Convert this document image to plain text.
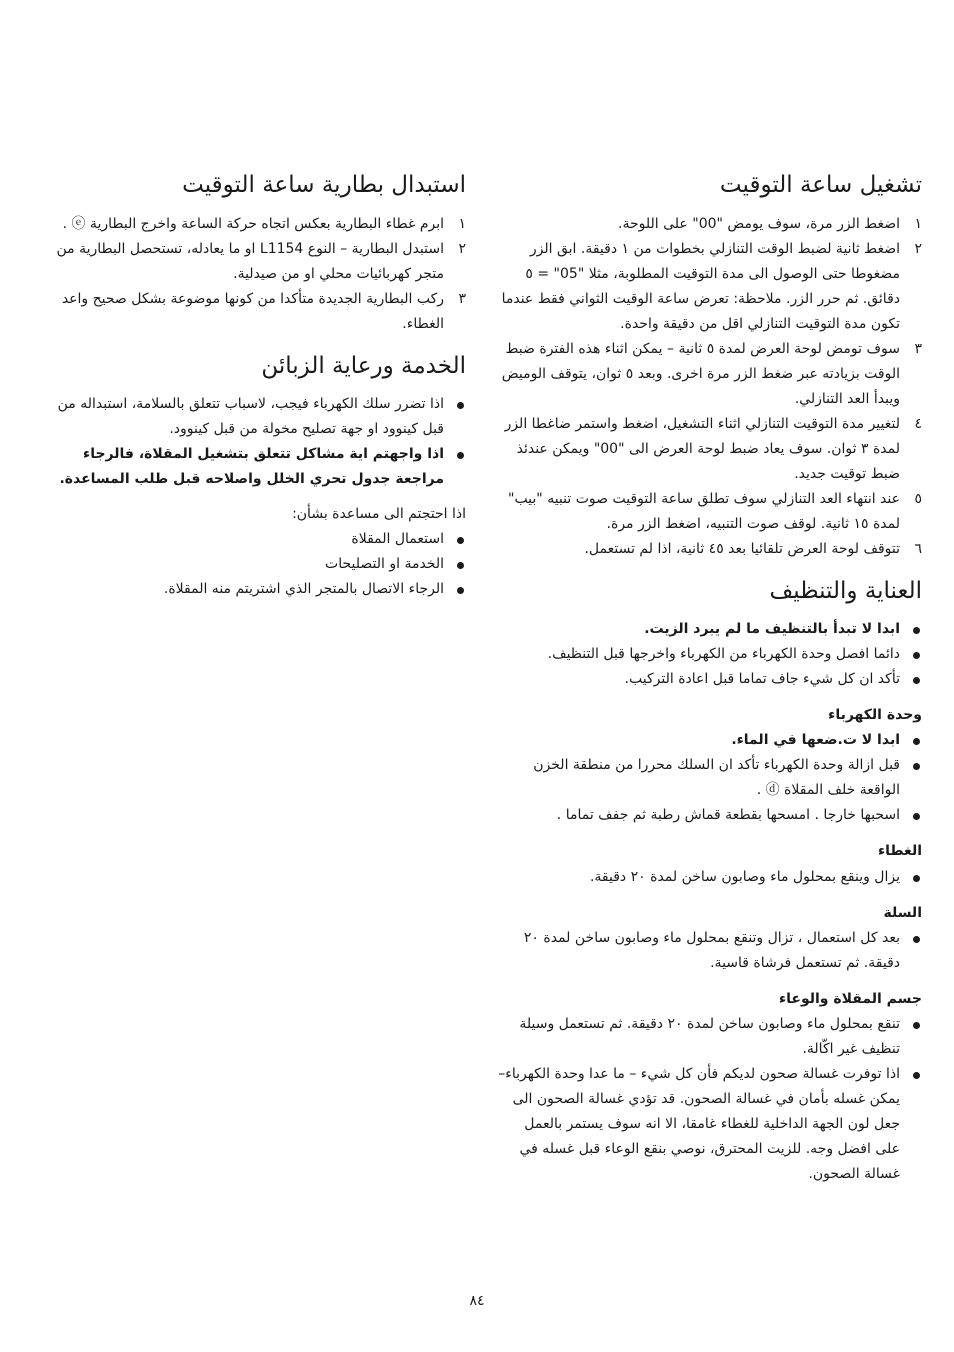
تشغيل ساعة التوقيت
١
اضغط الزر مرة، سوف يومض "00" على اللوحة.
٢
اضغط ثانية لضبط الوقت التنازلي بخطوات من ١ دقيقة. ابق الزر مضغوطا حتى الوصول الى مدة التوقيت المطلوبة، مثلا "05" = ٥ دقائق. ثم حرر الزر. ملاحظة: تعرض ساعة الوقيت الثواني فقط عندما تكون مدة التوقيت التنازلي اقل من دقيقة واحدة.
٣
سوف تومض لوحة العرض لمدة ٥ ثانية – يمكن اثناء هذه الفترة ضبط الوقت بزيادته عبر ضغط الزر مرة اخرى. وبعد ٥ ثوان، يتوقف الوميض ويبدأ العد التنازلي.
٤
لتغيير مدة التوقيت التنازلي اثناء التشغيل، اضغط واستمر ضاغطا الزر لمدة ٣ ثوان. سوف يعاد ضبط لوحة العرض الى "00" ويمكن عندئذ ضبط توقيت جديد.
٥
عند انتهاء العد التنازلي سوف تطلق ساعة التوقيت صوت تنبيه "بيب" لمدة ١٥ ثانية. لوقف صوت التنبيه، اضغط الزر مرة.
٦
تتوقف لوحة العرض تلقائيا بعد ٤٥ ثانية، اذا لم تستعمل.
العناية والتنظيف
ابدا لا تبدأ بالتنظيف ما لم يبرد الزيت.
دائما افصل وحدة الكهرباء من الكهرباء واخرجها قبل التنظيف.
تأكد ان كل شيء جاف تماما قبل اعادة التركيب.
وحدة الكهرباء
ابدا لا ت.ضعها في الماء.
قبل ازالة وحدة الكهرباء تأكد ان السلك محررا من منطقة الخزن الواقعة خلف المقلاة ⓓ .
اسحبها خارجا . امسحها بقطعة قماش رطبة ثم جفف تماما .
الغطاء
يزال وينقع بمحلول ماء وصابون ساخن لمدة ٢٠ دقيقة.
السلة
بعد كل استعمال ، تزال وتنقع بمحلول ماء وصابون ساخن لمدة ٢٠ دقيقة. ثم تستعمل فرشاة قاسية.
جسم المقلاة والوعاء
تنقع بمحلول ماء وصابون ساخن لمدة ٢٠ دقيقة. ثم تستعمل وسيلة تنظيف غير اكّالة.
اذا توفرت غسالة صحون لديكم فأن كل شيء – ما عدا وحدة الكهرباء– يمكن غسله بأمان في غسالة الصحون. قد تؤدي غسالة الصحون الى جعل لون الجهة الداخلية للغطاء غامقا، الا انه سوف يستمر بالعمل على افضل وجه. للزيت المحترق، نوصي بنقع الوعاء قبل غسله في غسالة الصحون.
استبدال بطارية ساعة التوقيت
١
ابرم غطاء البطارية بعكس اتجاه حركة الساعة واخرج البطارية ⓔ .
٢
استبدل البطارية – النوع L1154 او ما يعادله، تستحصل البطارية من متجر كهربائيات محلي او من صيدلية.
٣
ركب البطارية الجديدة متأكدا من كونها موضوعة بشكل صحيح واعد الغطاء.
الخدمة ورعاية الزبائن
اذا تضرر سلك الكهرباء فيجب، لاسباب تتعلق بالسلامة، استبداله من قبل كينوود او جهة تصليح مخولة من قبل كينوود.
اذا واجهتم اية مشاكل تتعلق بتشغيل المقلاة، فالرجاء مراجعة جدول تحري الخلل واصلاحه قبل طلب المساعدة.

اذا احتجتم الى مساعدة بشأن:

استعمال المقلاة
الخدمة او التصليحات
الرجاء الاتصال بالمتجر الذي اشتريتم منه المقلاة.
٨٤
